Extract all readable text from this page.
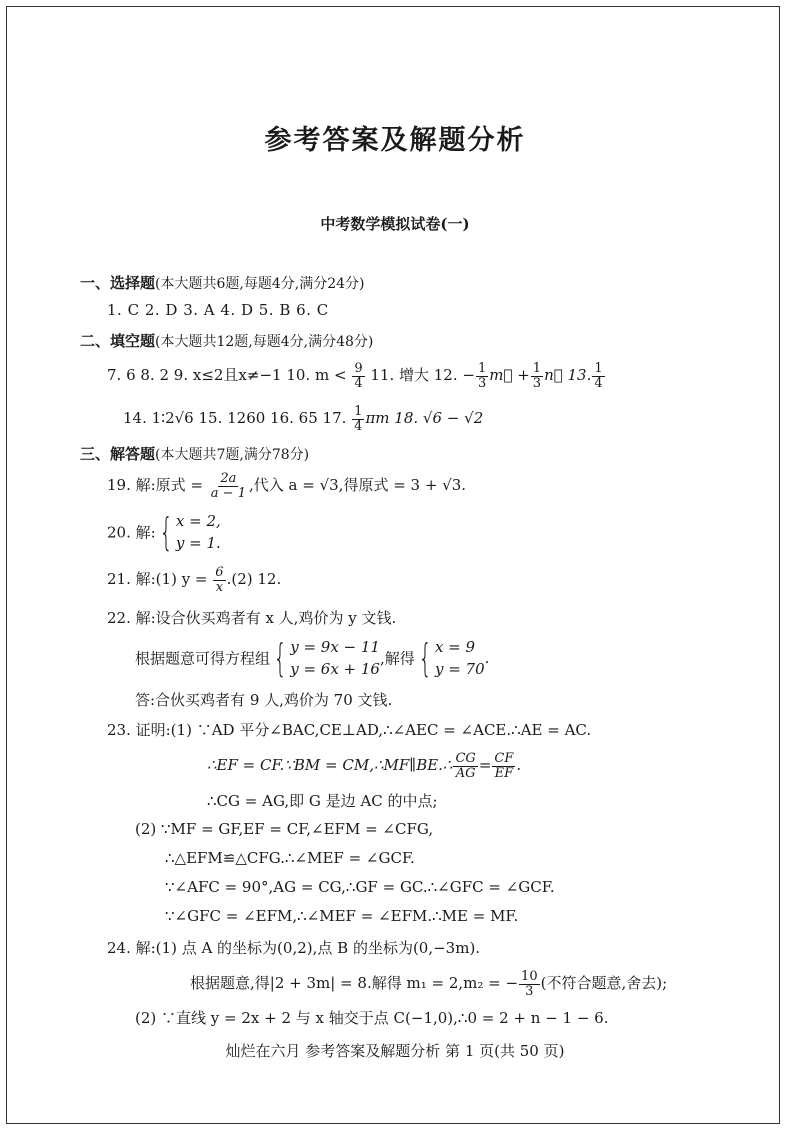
参考答案及解题分析
中考数学模拟试卷(一)
一、选择题(本大题共6题,每题4分,满分24分)
1. C 2. D 3. A 4. D 5. B 6. C
二、填空题(本大题共12题,每题4分,满分48分)
7. 6 8. 2 9. x≤2且x≠−1 10. $m < \frac{9}{4} 11$. 增大 12. − $\frac{1}{3}$ m⃗ + $\frac{1}{3}$ n⃗ 13. $\frac{1}{4}$
14. 1∶2√6 15. 1260 16. 65 17. $\frac{1}{4}$ πm 18. √6 − √2
三、解答题(本大题共7题,满分78分)
19. 解:原式 = $\frac{2a}{a - 1}$ ,代入 a = √3,得原式 = 3 + √3.
20. 解:{ x = 2,
y = 1.
21. 解:(1) $y = \frac{6}{x} .(2)$ 12.
22. 解:设合伙买鸡者有 x 人,鸡价为 y 文钱.
根据题意可得方程组{ y = 9x − 11
y = 6x + 16
,解得{ x = 9
y = 70
.
答:合伙买鸡者有 9 人,鸡价为 70 文钱.
23. 证明:(1) ∵AD 平分∠BAC,CE⊥AD,∴∠AEC = ∠ACE.∴AE = AC.
∴EF = CF.∵BM = CM,∴MF∥BE.∴ $\frac{CG}{AG} = \frac{CF}{EF}$ .
∴CG = AG,即 G 是边 AC 的中点;
(2) ∵MF = GF,EF = CF,∠EFM = ∠CFG,
∴△EFM≌△CFG.∴∠MEF = ∠GCF.
∵∠AFC = 90°,AG = CG,∴GF = GC.∴∠GFC = ∠GCF.
∵∠GFC = ∠EFM,∴∠MEF = ∠EFM.∴ME = MF.
24. 解:(1) 点 A 的坐标为(0,2),点 B 的坐标为(0,−3m).
根据题意,得|2 + 3m| = 8.解得 m₁ = 2,m₂ = − $\frac{10}{3}$ (不符合题意,舍去);
(2) ∵直线 y = 2x + 2 与 x 轴交于点 C(−1,0),∴0 = 2 + n − 1 − 6.
灿烂在六月 参考答案及解题分析 第 1 页(共 50 页)
